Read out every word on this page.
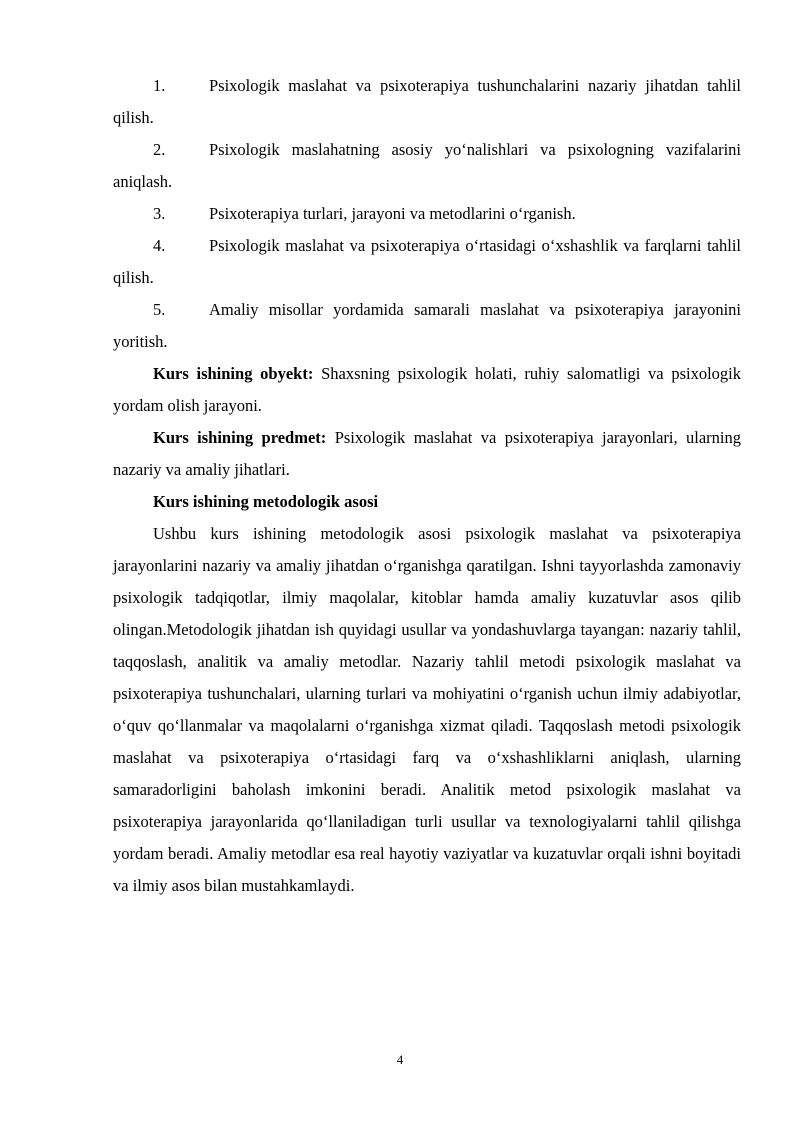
1.	Psixologik maslahat va psixoterapiya tushunchalarini nazariy jihatdan tahlil qilish.

2.	Psixologik maslahatning asosiy yo‘nalishlari va psixologning vazifalarini aniqlash.

3.	Psixoterapiya turlari, jarayoni va metodlarini o‘rganish.

4.	Psixologik maslahat va psixoterapiya o‘rtasidagi o‘xshashlik va farqlarni tahlil qilish.

5.	Amaliy misollar yordamida samarali maslahat va psixoterapiya jarayonini yoritish.

Kurs ishining obyekt: Shaxsning psixologik holati, ruhiy salomatligi va psixologik yordam olish jarayoni.

Kurs ishining predmet: Psixologik maslahat va psixoterapiya jarayonlari, ularning nazariy va amaliy jihatlari.

Kurs ishining metodologik asosi

Ushbu kurs ishining metodologik asosi psixologik maslahat va psixoterapiya jarayonlarini nazariy va amaliy jihatdan o‘rganishga qaratilgan. Ishni tayyorlashda zamonaviy psixologik tadqiqotlar, ilmiy maqolalar, kitoblar hamda amaliy kuzatuvlar asos qilib olingan.Metodologik jihatdan ish quyidagi usullar va yondashuvlarga tayangan: nazariy tahlil, taqqoslash, analitik va amaliy metodlar. Nazariy tahlil metodi psixologik maslahat va psixoterapiya tushunchalari, ularning turlari va mohiyatini o‘rganish uchun ilmiy adabiyotlar, o‘quv qo‘llanmalar va maqolalarni o‘rganishga xizmat qiladi. Taqqoslash metodi psixologik maslahat va psixoterapiya o‘rtasidagi farq va o‘xshashliklarni aniqlash, ularning samaradorligini baholash imkonini beradi. Analitik metod psixologik maslahat va psixoterapiya jarayonlarida qo‘llaniladigan turli usullar va texnologiyalarni tahlil qilishga yordam beradi. Amaliy metodlar esa real hayotiy vaziyatlar va kuzatuvlar orqali ishni boyitadi va ilmiy asos bilan mustahkamlaydi.

4
